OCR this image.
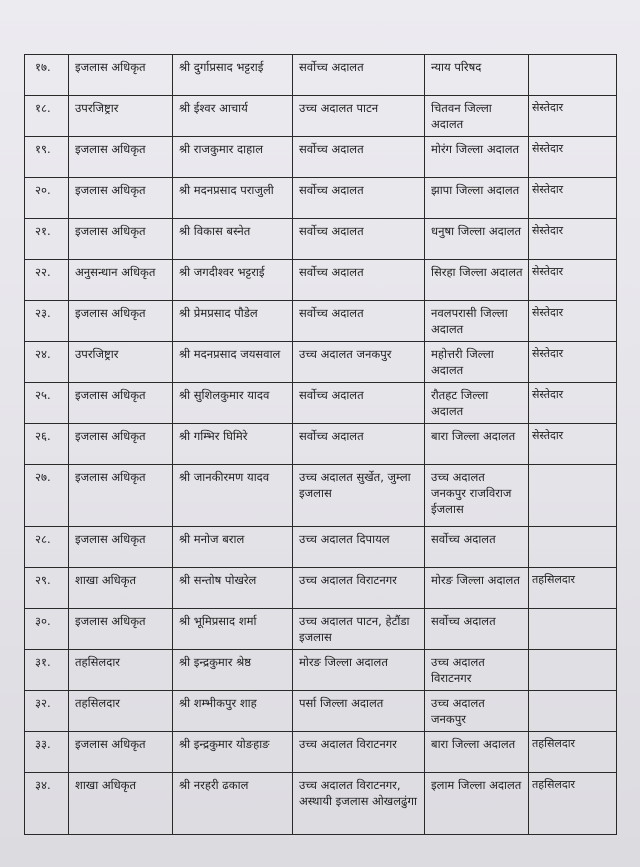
१७.	इजलास अधिकृत	श्री दुर्गाप्रसाद भट्टराई	सर्वोच्च अदालत	न्याय परिषद	
१८.	उपरजिष्ट्रार	श्री ईश्वर आचार्य	उच्च अदालत पाटन	चितवन जिल्ला अदालत	सेस्तेदार
१९.	इजलास अधिकृत	श्री राजकुमार दाहाल	सर्वोच्च अदालत	मोरंग जिल्ला अदालत	सेस्तेदार
२०.	इजलास अधिकृत	श्री मदनप्रसाद पराजुली	सर्वोच्च अदालत	झापा जिल्ला अदालत	सेस्तेदार
२१.	इजलास अधिकृत	श्री विकास बस्नेत	सर्वोच्च अदालत	धनुषा जिल्ला अदालत	सेस्तेदार
२२.	अनुसन्धान अधिकृत	श्री जगदीश्वर भट्टराई	सर्वोच्च अदालत	सिरहा जिल्ला अदालत	सेस्तेदार
२३.	इजलास अधिकृत	श्री प्रेमप्रसाद पौडेल	सर्वोच्च अदालत	नवलपरासी जिल्ला अदालत	सेस्तेदार
२४.	उपरजिष्ट्रार	श्री मदनप्रसाद जयसवाल	उच्च अदालत जनकपुर	महोत्तरी जिल्ला अदालत	सेस्तेदार
२५.	इजलास अधिकृत	श्री सुशिलकुमार यादव	सर्वोच्च अदालत	रौतहट जिल्ला अदालत	सेस्तेदार
२६.	इजलास अधिकृत	श्री गम्भिर घिमिरे	सर्वोच्च अदालत	बारा जिल्ला अदालत	सेस्तेदार
२७.	इजलास अधिकृत	श्री जानकीरमण यादव	उच्च अदालत सुर्खेत, जुम्ला इजलास	उच्च अदालत जनकपुर राजविराज ईजलास	
२८.	इजलास अधिकृत	श्री मनोज बराल	उच्च अदालत दिपायल	सर्वोच्च अदालत	
२९.	शाखा अधिकृत	श्री सन्तोष पोखरेल	उच्च अदालत विराटनगर	मोरङ जिल्ला अदालत	तहसिलदार
३०.	इजलास अधिकृत	श्री भूमिप्रसाद शर्मा	उच्च अदालत पाटन, हेटौंडा इजलास	सर्वोच्च अदालत	
३१.	तहसिलदार	श्री इन्द्रकुमार श्रेष्ठ	मोरङ जिल्ला अदालत	उच्च अदालत विराटनगर	
३२.	तहसिलदार	श्री शम्भीकपुर शाह	पर्सा जिल्ला अदालत	उच्च अदालत जनकपुर	
३३.	इजलास अधिकृत	श्री इन्द्रकुमार योङहाङ	उच्च अदालत विराटनगर	बारा जिल्ला अदालत	तहसिलदार
३४.	शाखा अधिकृत	श्री नरहरी ढकाल	उच्च अदालत विराटनगर, अस्थायी इजलास ओखलढुंगा	इलाम जिल्ला अदालत	तहसिलदार
